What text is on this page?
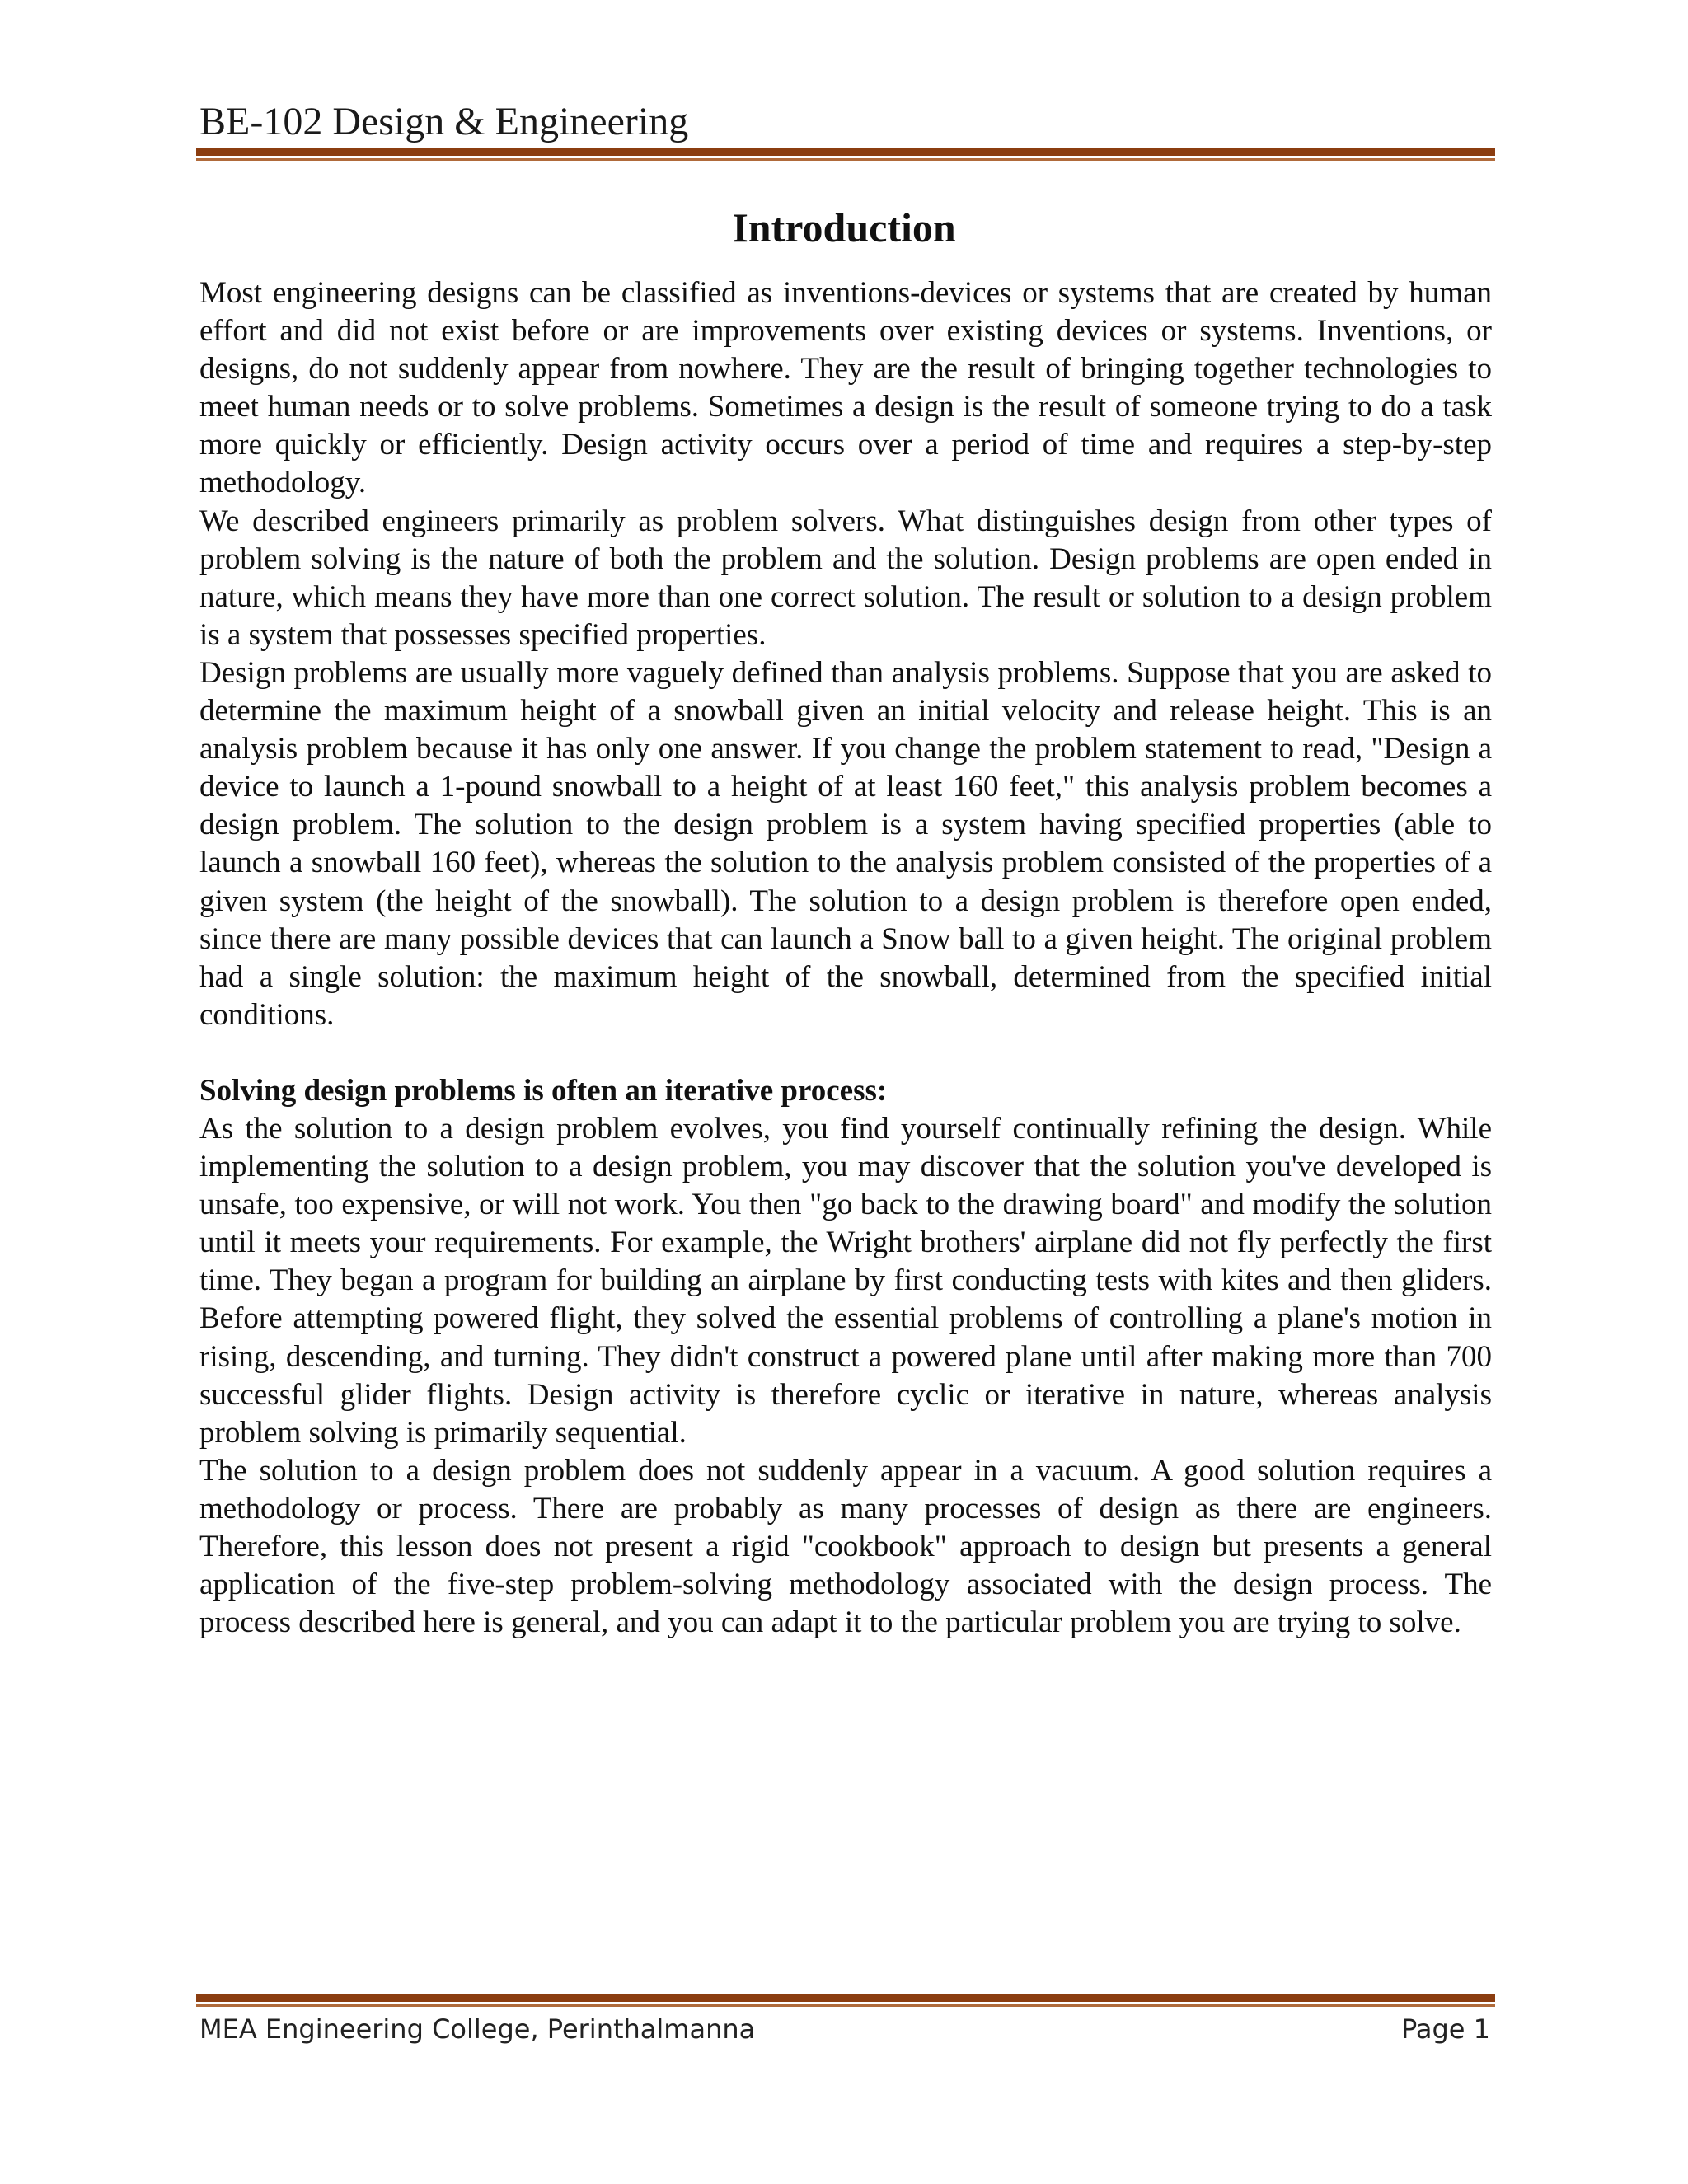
BE-102 Design & Engineering
Introduction

Most engineering designs can be classified as inventions-devices or systems that are created by human effort and did not exist before or are improvements over existing devices or systems. Inventions, or designs, do not suddenly appear from nowhere. They are the result of bringing together technologies to meet human needs or to solve problems. Sometimes a design is the result of someone trying to do a task more quickly or efficiently. Design activity occurs over a period of time and requires a step-by-step methodology.

We described engineers primarily as problem solvers. What distinguishes design from other types of problem solving is the nature of both the problem and the solution. Design problems are open ended in nature, which means they have more than one correct solution. The result or solution to a design problem is a system that possesses specified properties.

Design problems are usually more vaguely defined than analysis problems. Suppose that you are asked to determine the maximum height of a snowball given an initial velocity and release height. This is an analysis problem because it has only one answer. If you change the problem statement to read, "Design a device to launch a 1-pound snowball to a height of at least 160 feet," this analysis problem becomes a design problem. The solution to the design problem is a system having specified properties (able to launch a snowball 160 feet), whereas the solution to the analysis problem consisted of the properties of a given system (the height of the snowball). The solution to a design problem is therefore open ended, since there are many possible devices that can launch a Snow ball to a given height. The original problem had a single solution: the maximum height of the snowball, determined from the specified initial conditions.

Solving design problems is often an iterative process:

As the solution to a design problem evolves, you find yourself continually refining the design. While implementing the solution to a design problem, you may discover that the solution you've developed is unsafe, too expensive, or will not work. You then "go back to the drawing board" and modify the solution until it meets your requirements. For example, the Wright brothers' airplane did not fly perfectly the first time. They began a program for building an airplane by first conducting tests with kites and then gliders. Before attempting powered flight, they solved the essential problems of controlling a plane's motion in rising, descending, and turning. They didn't construct a powered plane until after making more than 700 successful glider flights. Design activity is therefore cyclic or iterative in nature, whereas analysis problem solving is primarily sequential.

The solution to a design problem does not suddenly appear in a vacuum. A good solution requires a methodology or process. There are probably as many processes of design as there are engineers. Therefore, this lesson does not present a rigid "cookbook" approach to design but presents a general application of the five-step problem-solving methodology associated with the design process. The process described here is general, and you can adapt it to the particular problem you are trying to solve.

MEA Engineering College, Perinthalmanna	Page 1
